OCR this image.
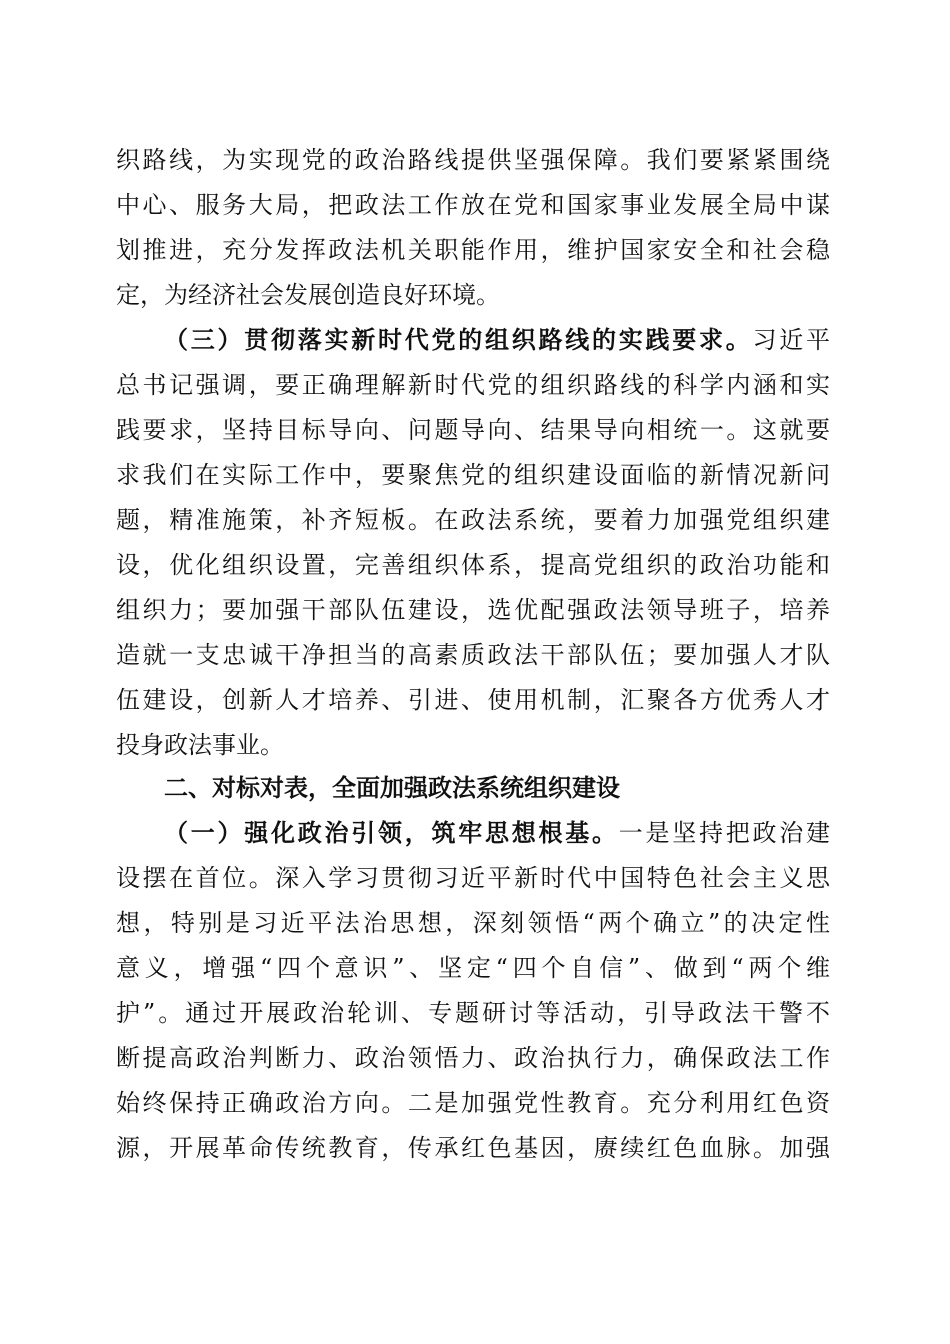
织路线，为实现党的政治路线提供坚强保障。我们要紧紧围绕
中心、服务大局，把政法工作放在党和国家事业发展全局中谋
划推进，充分发挥政法机关职能作用，维护国家安全和社会稳
定，为经济社会发展创造良好环境。
（三）贯彻落实新时代党的组织路线的实践要求。习近平
总书记强调，要正确理解新时代党的组织路线的科学内涵和实
践要求，坚持目标导向、问题导向、结果导向相统一。这就要
求我们在实际工作中，要聚焦党的组织建设面临的新情况新问
题，精准施策，补齐短板。在政法系统，要着力加强党组织建
设，优化组织设置，完善组织体系，提高党组织的政治功能和
组织力；要加强干部队伍建设，选优配强政法领导班子，培养
造就一支忠诚干净担当的高素质政法干部队伍；要加强人才队
伍建设，创新人才培养、引进、使用机制，汇聚各方优秀人才
投身政法事业。
二、对标对表，全面加强政法系统组织建设
（一）强化政治引领，筑牢思想根基。一是坚持把政治建
设摆在首位。深入学习贯彻习近平新时代中国特色社会主义思
想，特别是习近平法治思想，深刻领悟“两个确立”的决定性
意义，增强“四个意识”、坚定“四个自信”、做到“两个维
护”。通过开展政治轮训、专题研讨等活动，引导政法干警不
断提高政治判断力、政治领悟力、政治执行力，确保政法工作
始终保持正确政治方向。二是加强党性教育。充分利用红色资
源，开展革命传统教育，传承红色基因，赓续红色血脉。加强
